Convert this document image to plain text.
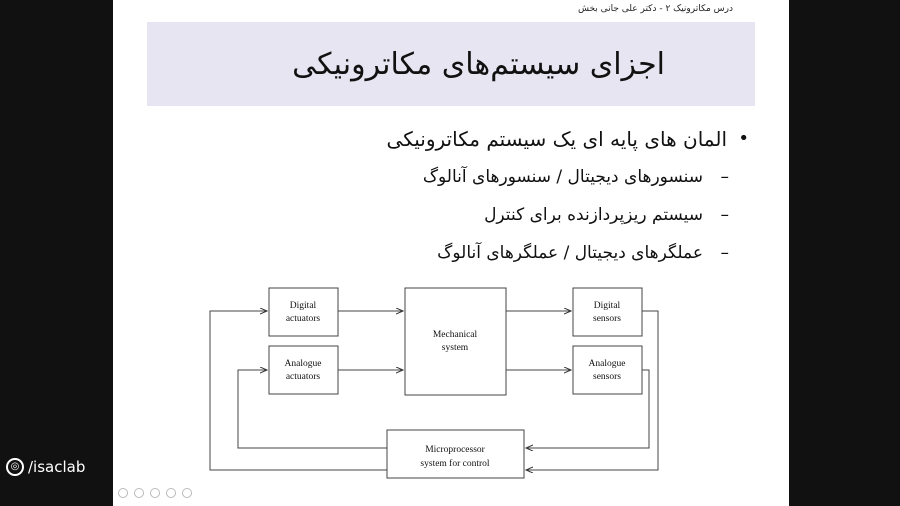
درس مکاترونیک ۲ - دکتر علی جانی بخش
اجزای سیستم‌های مکاترونیکی
•
المان های پایه ای یک سیستم مکاترونیکی
–
سنسورهای دیجیتال / سنسورهای آنالوگ
–
سیستم ریزپردازنده برای کنترل
–
عملگرهای دیجیتال / عملگرهای آنالوگ
Digital
actuators
Analogue
actuators
Mechanical
system
Digital
sensors
Analogue
sensors
Microprocessor
system for control
◎ /isaclab
